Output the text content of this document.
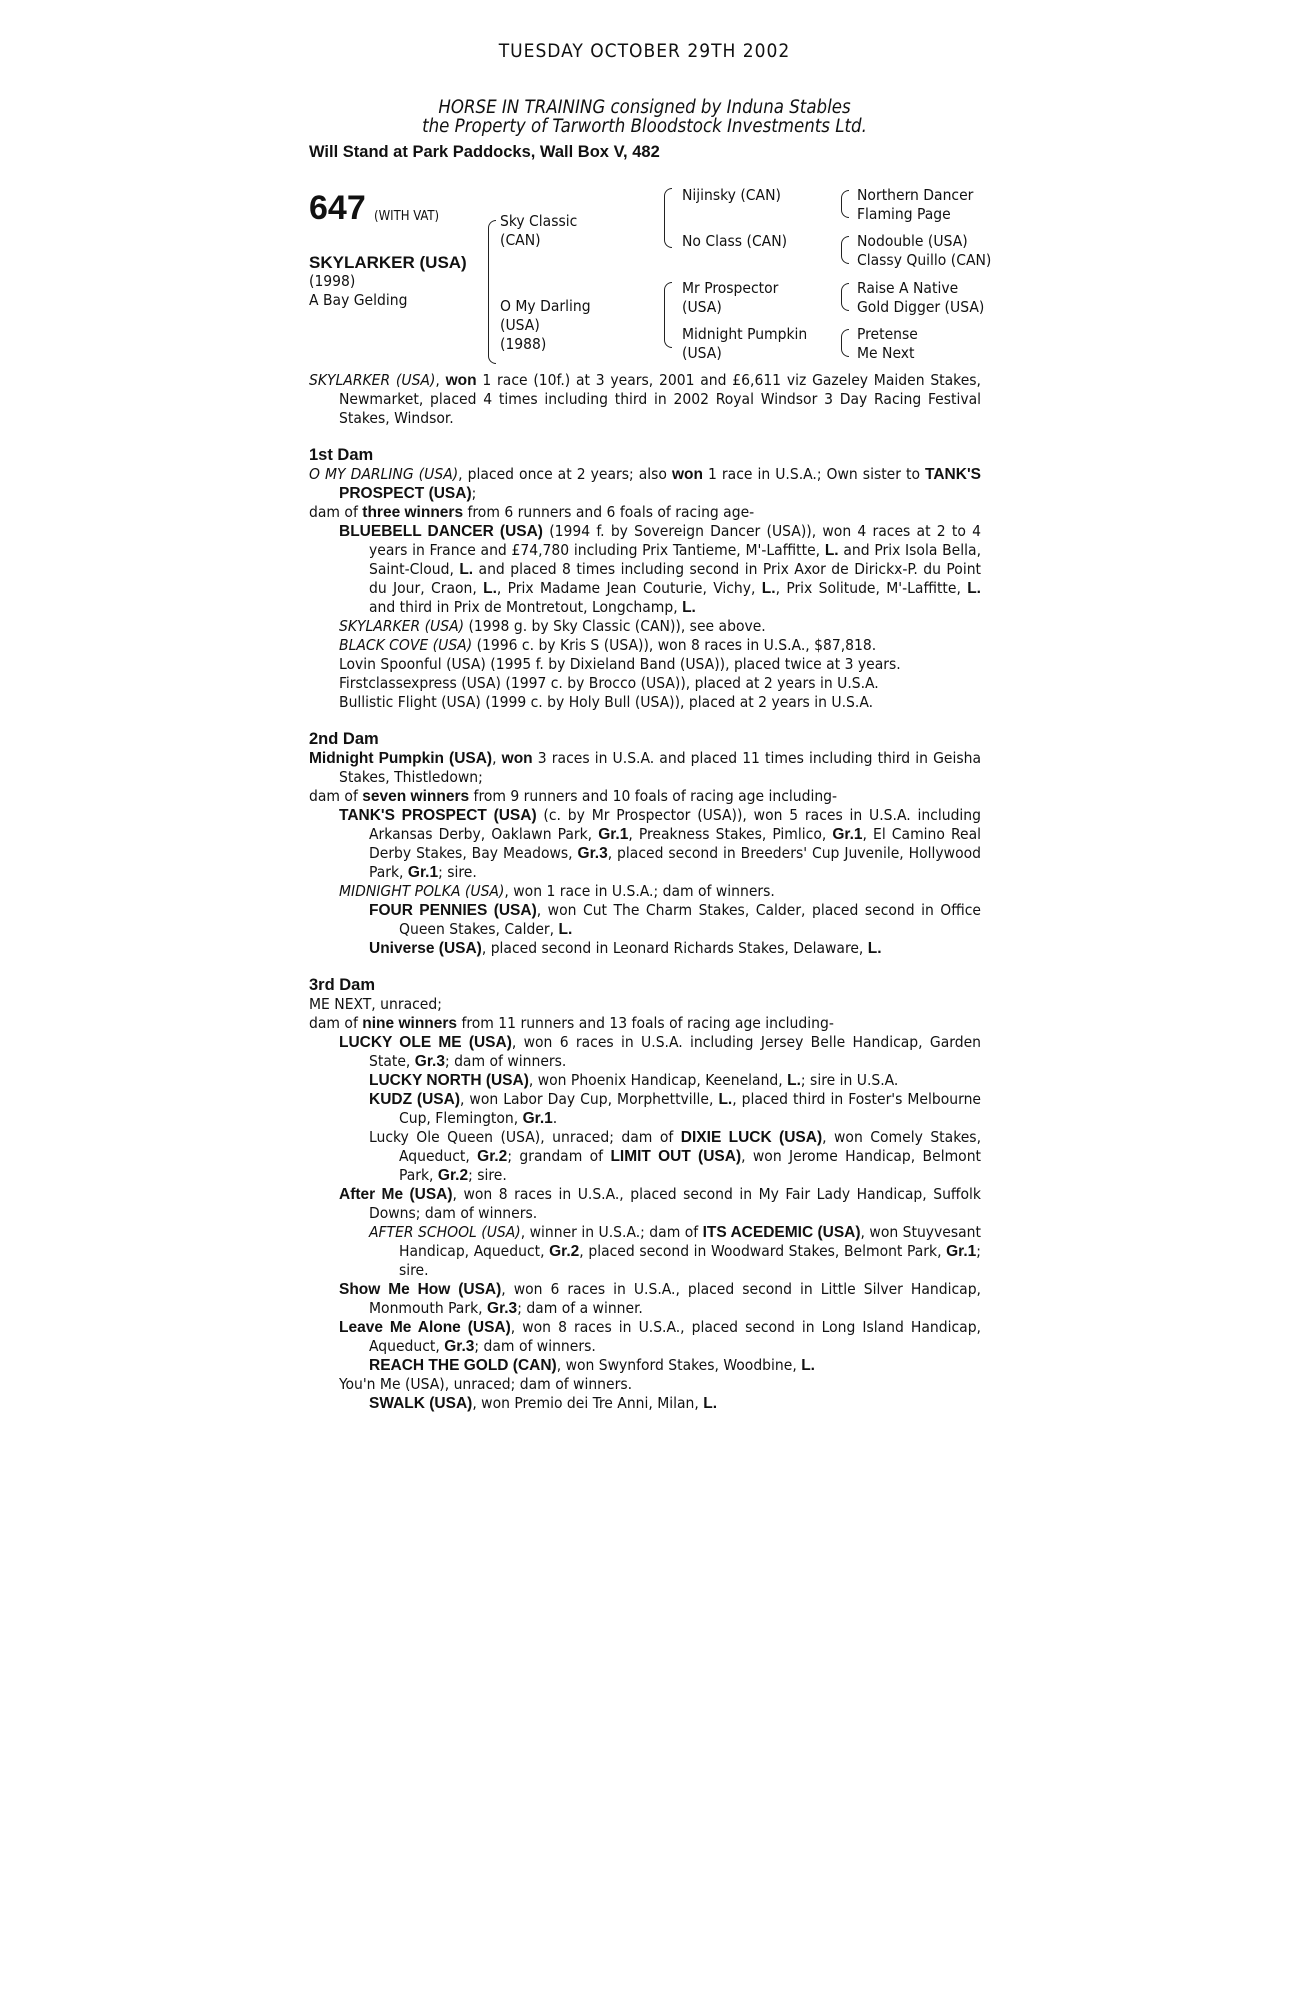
TUESDAY OCTOBER 29TH 2002
HORSE IN TRAINING consigned by Induna Stables
the Property of Tarworth Bloodstock Investments Ltd.
Will Stand at Park Paddocks, Wall Box V, 482
647 (WITH VAT)
SKYLARKER (USA)
(1998)
A Bay Gelding
Sky Classic
(CAN)
O My Darling
(USA)
(1988)
Nijinsky (CAN)
No Class (CAN)
Mr Prospector
(USA)
Midnight Pumpkin
(USA)
Northern Dancer
Flaming Page
Nodouble (USA)
Classy Quillo (CAN)
Raise A Native
Gold Digger (USA)
Pretense
Me Next

SKYLARKER (USA), won 1 race (10f.) at 3 years, 2001 and £6,611 viz Gazeley Maiden Stakes, Newmarket, placed 4 times including third in 2002 Royal Windsor 3 Day Racing Festival Stakes, Windsor.

1st Dam

O MY DARLING (USA), placed once at 2 years; also won 1 race in U.S.A.; Own sister to TANK'S PROSPECT (USA);

dam of three winners from 6 runners and 6 foals of racing age-

BLUEBELL DANCER (USA) (1994 f. by Sovereign Dancer (USA)), won 4 races at 2 to 4 years in France and £74,780 including Prix Tantieme, M'-Laffitte, L. and Prix Isola Bella, Saint-Cloud, L. and placed 8 times including second in Prix Axor de Dirickx-P. du Point du Jour, Craon, L., Prix Madame Jean Couturie, Vichy, L., Prix Solitude, M'-Laffitte, L. and third in Prix de Montretout, Longchamp, L.

SKYLARKER (USA) (1998 g. by Sky Classic (CAN)), see above.

BLACK COVE (USA) (1996 c. by Kris S (USA)), won 8 races in U.S.A., $87,818.

Lovin Spoonful (USA) (1995 f. by Dixieland Band (USA)), placed twice at 3 years.

Firstclassexpress (USA) (1997 c. by Brocco (USA)), placed at 2 years in U.S.A.

Bullistic Flight (USA) (1999 c. by Holy Bull (USA)), placed at 2 years in U.S.A.

2nd Dam

Midnight Pumpkin (USA), won 3 races in U.S.A. and placed 11 times including third in Geisha Stakes, Thistledown;

dam of seven winners from 9 runners and 10 foals of racing age including-

TANK'S PROSPECT (USA) (c. by Mr Prospector (USA)), won 5 races in U.S.A. including Arkansas Derby, Oaklawn Park, Gr.1, Preakness Stakes, Pimlico, Gr.1, El Camino Real Derby Stakes, Bay Meadows, Gr.3, placed second in Breeders' Cup Juvenile, Hollywood Park, Gr.1; sire.

MIDNIGHT POLKA (USA), won 1 race in U.S.A.; dam of winners.

FOUR PENNIES (USA), won Cut The Charm Stakes, Calder, placed second in Office Queen Stakes, Calder, L.

Universe (USA), placed second in Leonard Richards Stakes, Delaware, L.

3rd Dam

ME NEXT, unraced;

dam of nine winners from 11 runners and 13 foals of racing age including-

LUCKY OLE ME (USA), won 6 races in U.S.A. including Jersey Belle Handicap, Garden State, Gr.3; dam of winners.

LUCKY NORTH (USA), won Phoenix Handicap, Keeneland, L.; sire in U.S.A.

KUDZ (USA), won Labor Day Cup, Morphettville, L., placed third in Foster's Melbourne Cup, Flemington, Gr.1.

Lucky Ole Queen (USA), unraced; dam of DIXIE LUCK (USA), won Comely Stakes, Aqueduct, Gr.2; grandam of LIMIT OUT (USA), won Jerome Handicap, Belmont Park, Gr.2; sire.

After Me (USA), won 8 races in U.S.A., placed second in My Fair Lady Handicap, Suffolk Downs; dam of winners.

AFTER SCHOOL (USA), winner in U.S.A.; dam of ITS ACEDEMIC (USA), won Stuyvesant Handicap, Aqueduct, Gr.2, placed second in Woodward Stakes, Belmont Park, Gr.1; sire.

Show Me How (USA), won 6 races in U.S.A., placed second in Little Silver Handicap, Monmouth Park, Gr.3; dam of a winner.

Leave Me Alone (USA), won 8 races in U.S.A., placed second in Long Island Handicap, Aqueduct, Gr.3; dam of winners.

REACH THE GOLD (CAN), won Swynford Stakes, Woodbine, L.

You'n Me (USA), unraced; dam of winners.

SWALK (USA), won Premio dei Tre Anni, Milan, L.
